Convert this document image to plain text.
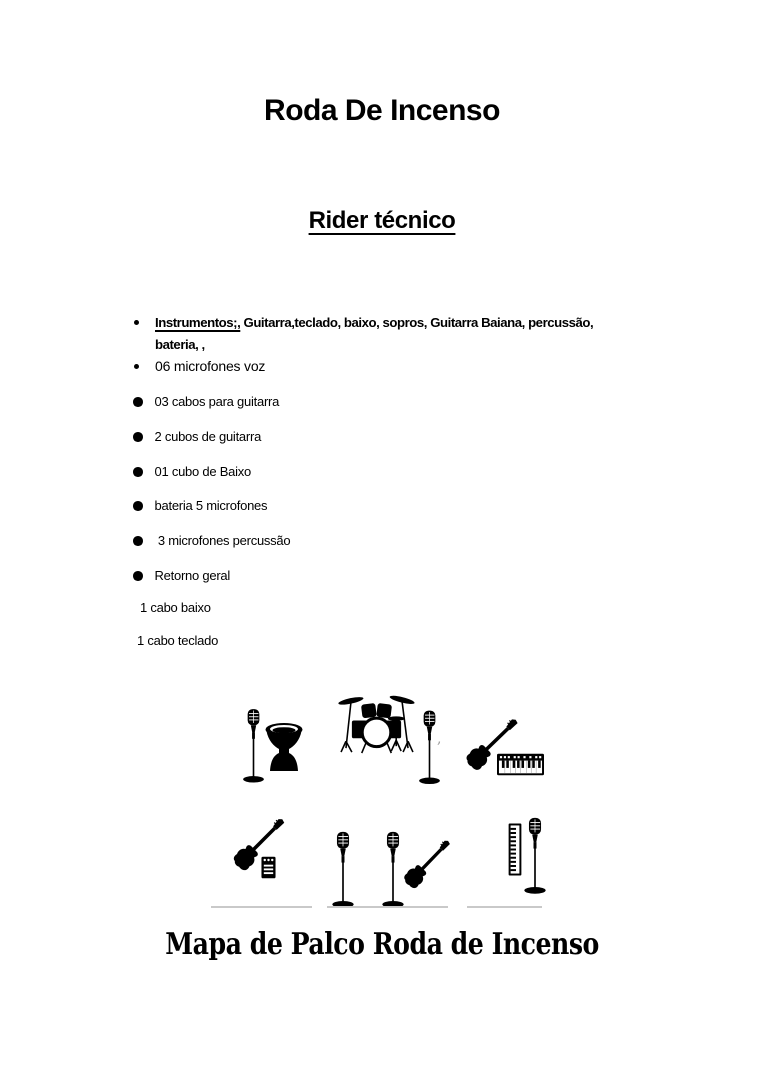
Roda De Incenso
Rider técnico
Instrumentos;, Guitarra,teclado, baixo, sopros, Guitarra Baiana, percussão,
bateria, ,
06 microfones voz
03 cabos para guitarra
2 cubos de guitarra
01 cubo de Baixo
bateria 5 microfones
3 microfones percussão
Retorno geral
1 cabo baixo
1 cabo teclado
,
Mapa de Palco Roda de Incenso
